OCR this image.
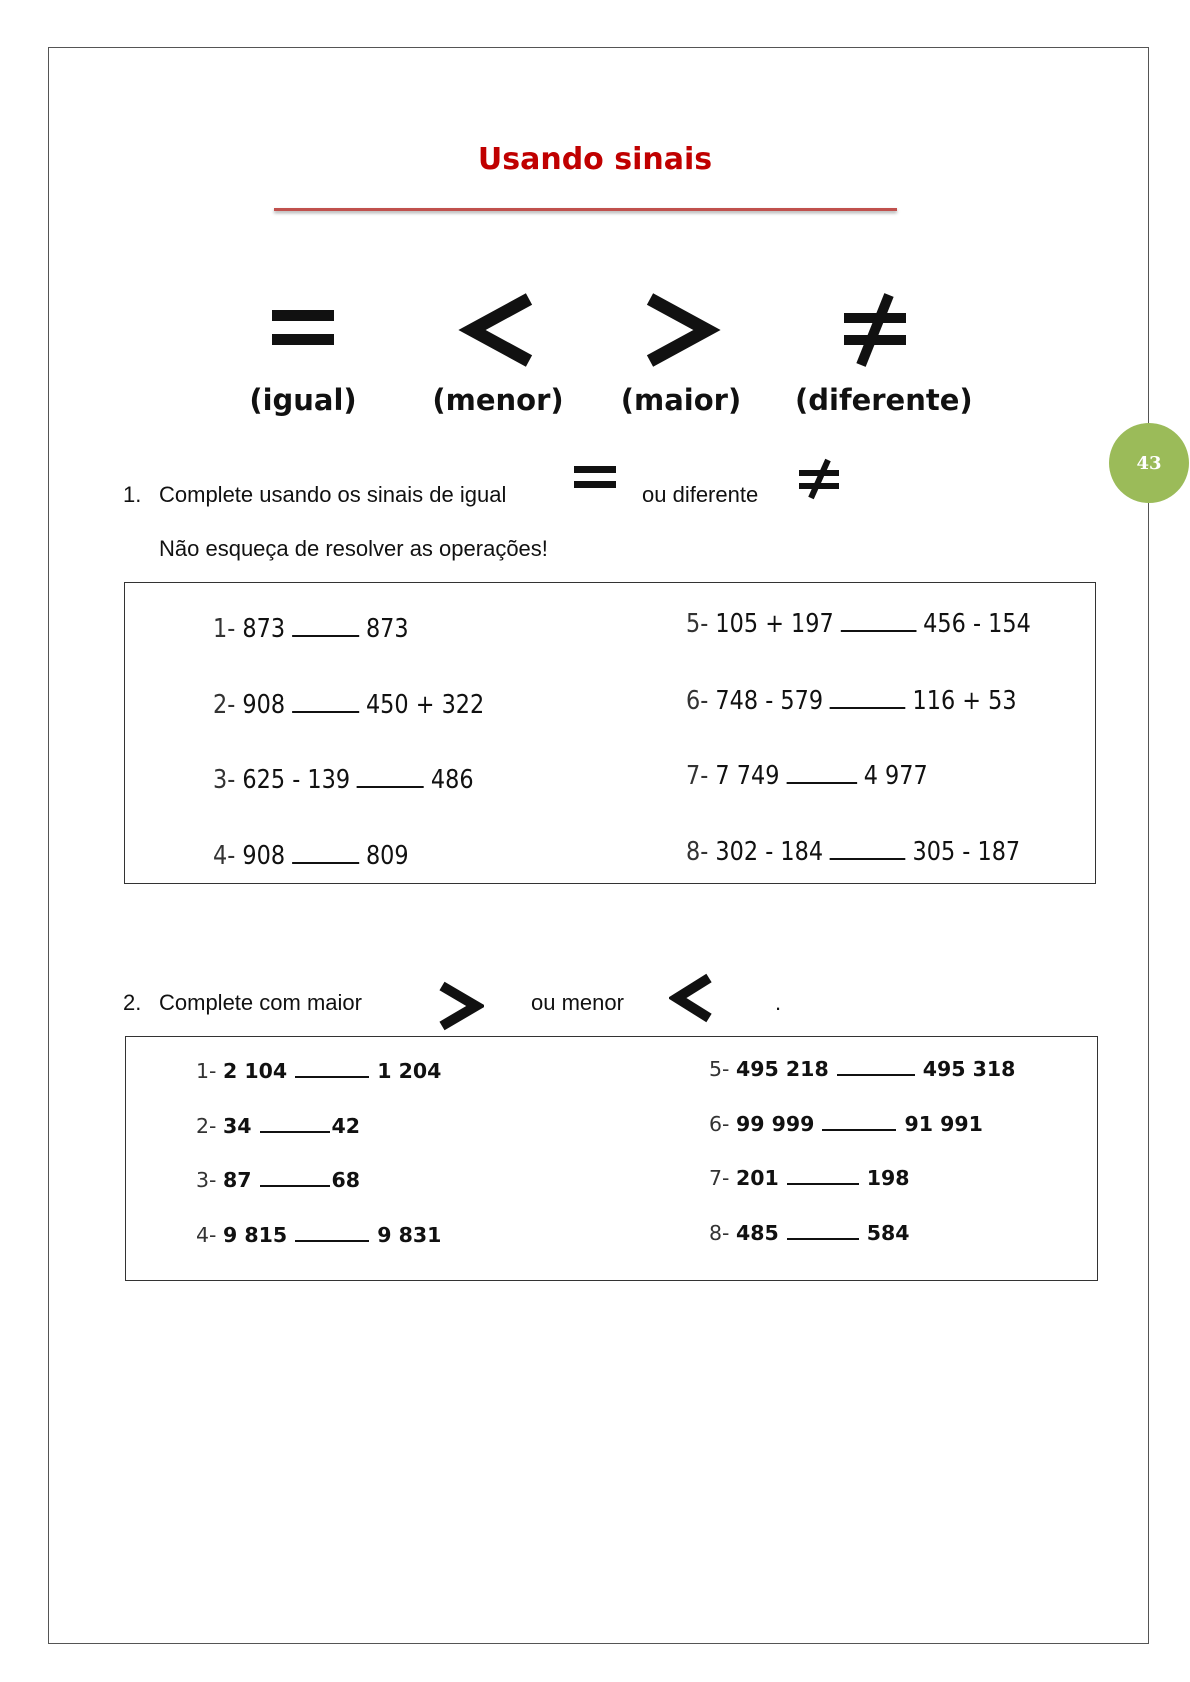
Usando sinais
(igual)	(menor)	(maior)	(diferente)
43
1. Complete usando os sinais de igual	ou diferente
Não esqueça de resolver as operações!
1- 873	873
2- 908	450 + 322
3- 625 - 139	486
4- 908	809
5- 105 + 197	456 - 154
6- 748 - 579	116 + 53
7- 7 749	4 977
8- 302 - 184	305 - 187
2. Complete com maior	ou menor	.
1- 2 104	1 204
2- 34	42
3- 87	68
4- 9 815	9 831
5- 495 218	495 318
6- 99 999	91 991
7- 201	198
8- 485	584
